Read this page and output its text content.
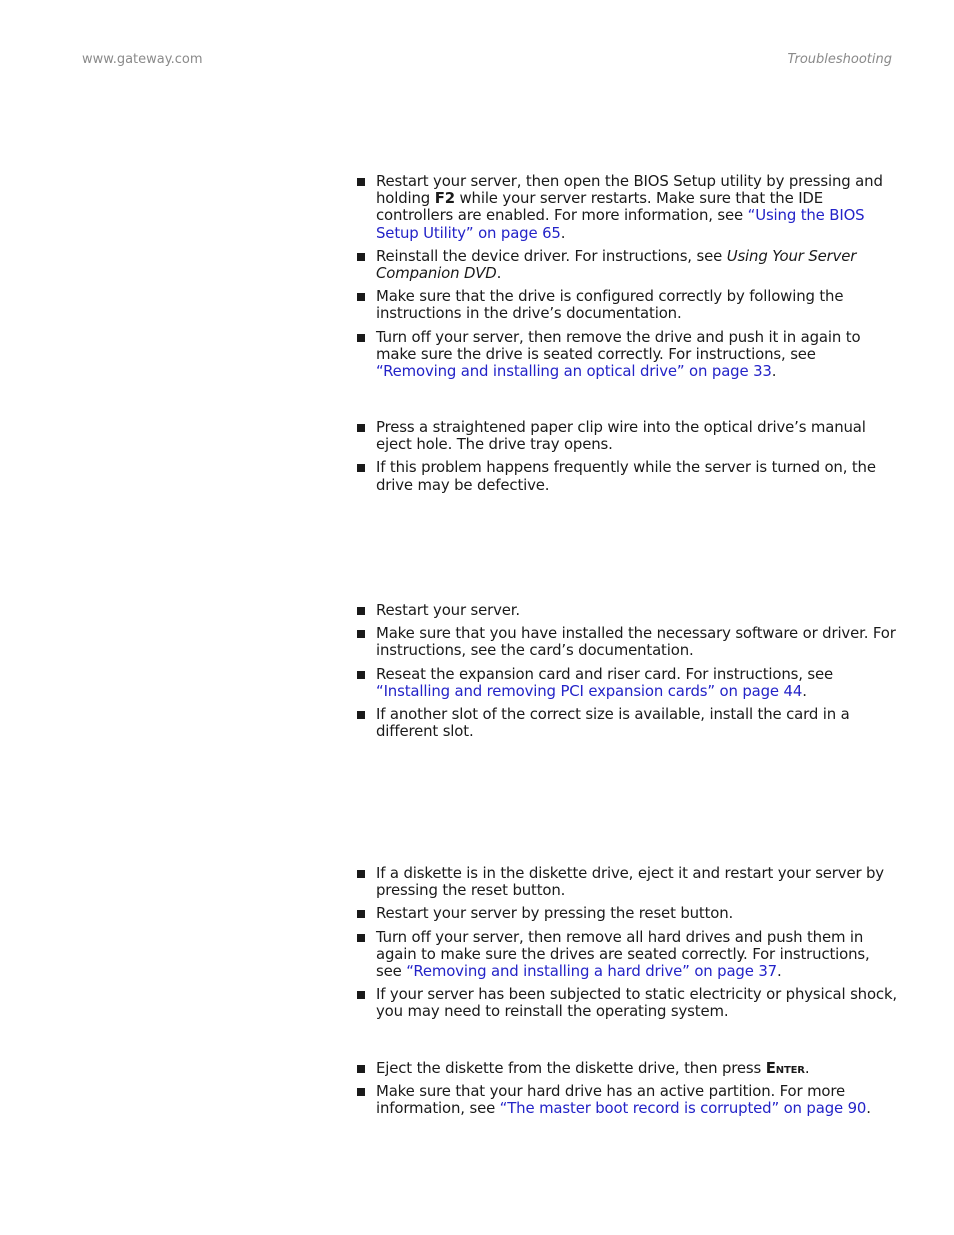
www.gateway.com	Troubleshooting
Restart your server, then open the BIOS Setup utility by pressing and holding F2 while your server restarts. Make sure that the IDE controllers are enabled. For more information, see “Using the BIOS Setup Utility” on page 65.
Reinstall the device driver. For instructions, see Using Your Server Companion DVD.
Make sure that the drive is configured correctly by following the instructions in the drive’s documentation.
Turn off your server, then remove the drive and push it in again to make sure the drive is seated correctly. For instructions, see “Removing and installing an optical drive” on page 33.
Press a straightened paper clip wire into the optical drive’s manual eject hole. The drive tray opens.
If this problem happens frequently while the server is turned on, the drive may be defective.
Restart your server.
Make sure that you have installed the necessary software or driver. For instructions, see the card’s documentation.
Reseat the expansion card and riser card. For instructions, see “Installing and removing PCI expansion cards” on page 44.
If another slot of the correct size is available, install the card in a different slot.
If a diskette is in the diskette drive, eject it and restart your server by pressing the reset button.
Restart your server by pressing the reset button.
Turn off your server, then remove all hard drives and push them in again to make sure the drives are seated correctly. For instructions, see “Removing and installing a hard drive” on page 37.
If your server has been subjected to static electricity or physical shock, you may need to reinstall the operating system.
Eject the diskette from the diskette drive, then press Enter.
Make sure that your hard drive has an active partition. For more information, see “The master boot record is corrupted” on page 90.
